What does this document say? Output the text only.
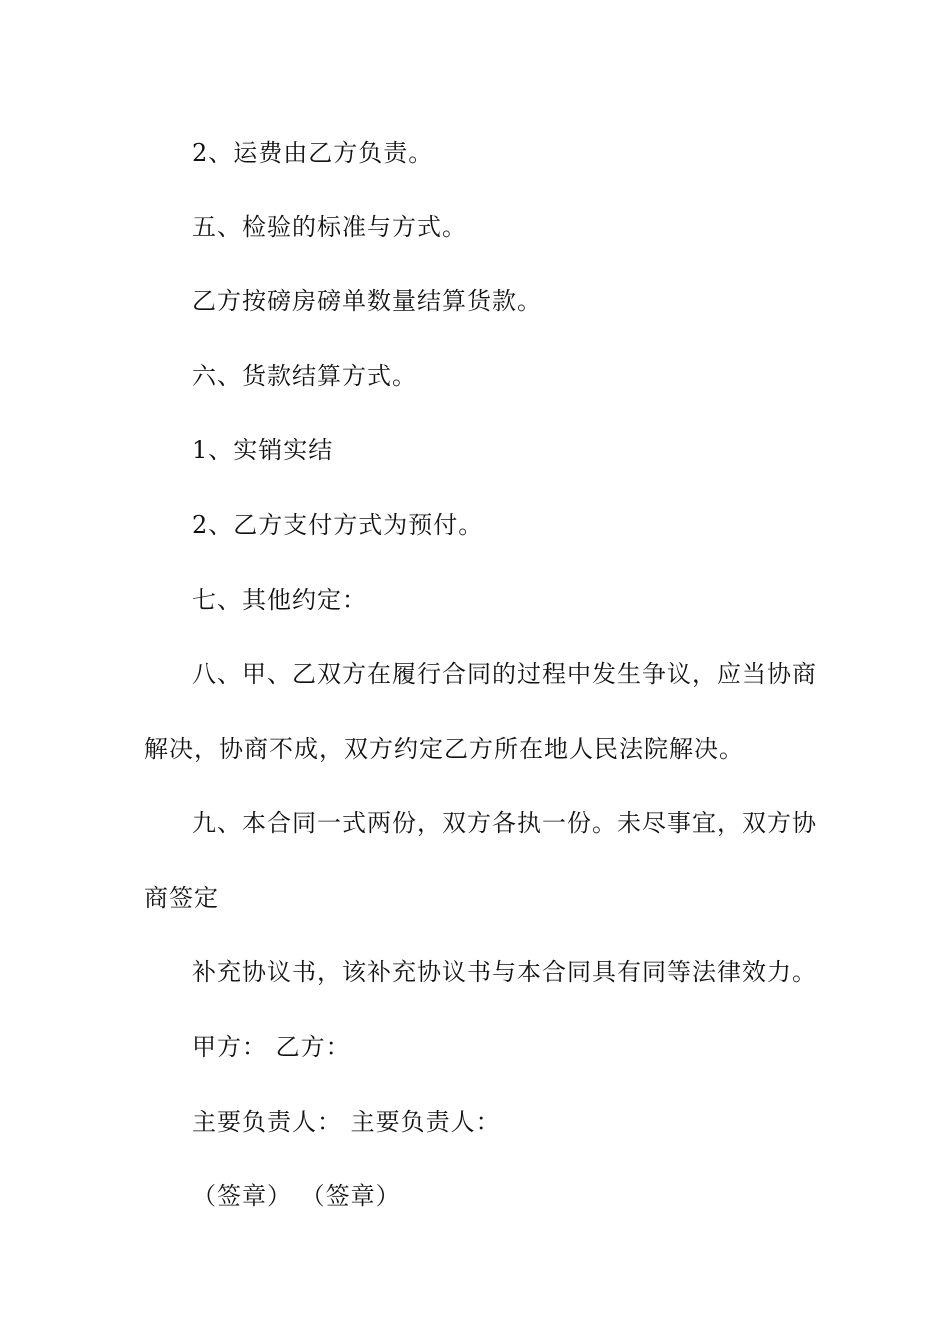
2、运费由乙方负责。
五、检验的标准与方式。
乙方按磅房磅单数量结算货款。
六、货款结算方式。
1、实销实结
2、乙方支付方式为预付。
七、其他约定：
八、甲、乙双方在履行合同的过程中发生争议，应当协商
解决，协商不成，双方约定乙方所在地人民法院解决。
九、本合同一式两份，双方各执一份。未尽事宜，双方协
商签定
补充协议书，该补充协议书与本合同具有同等法律效力。
甲方： 乙方：
主要负责人： 主要负责人：
（签章） （签章）
